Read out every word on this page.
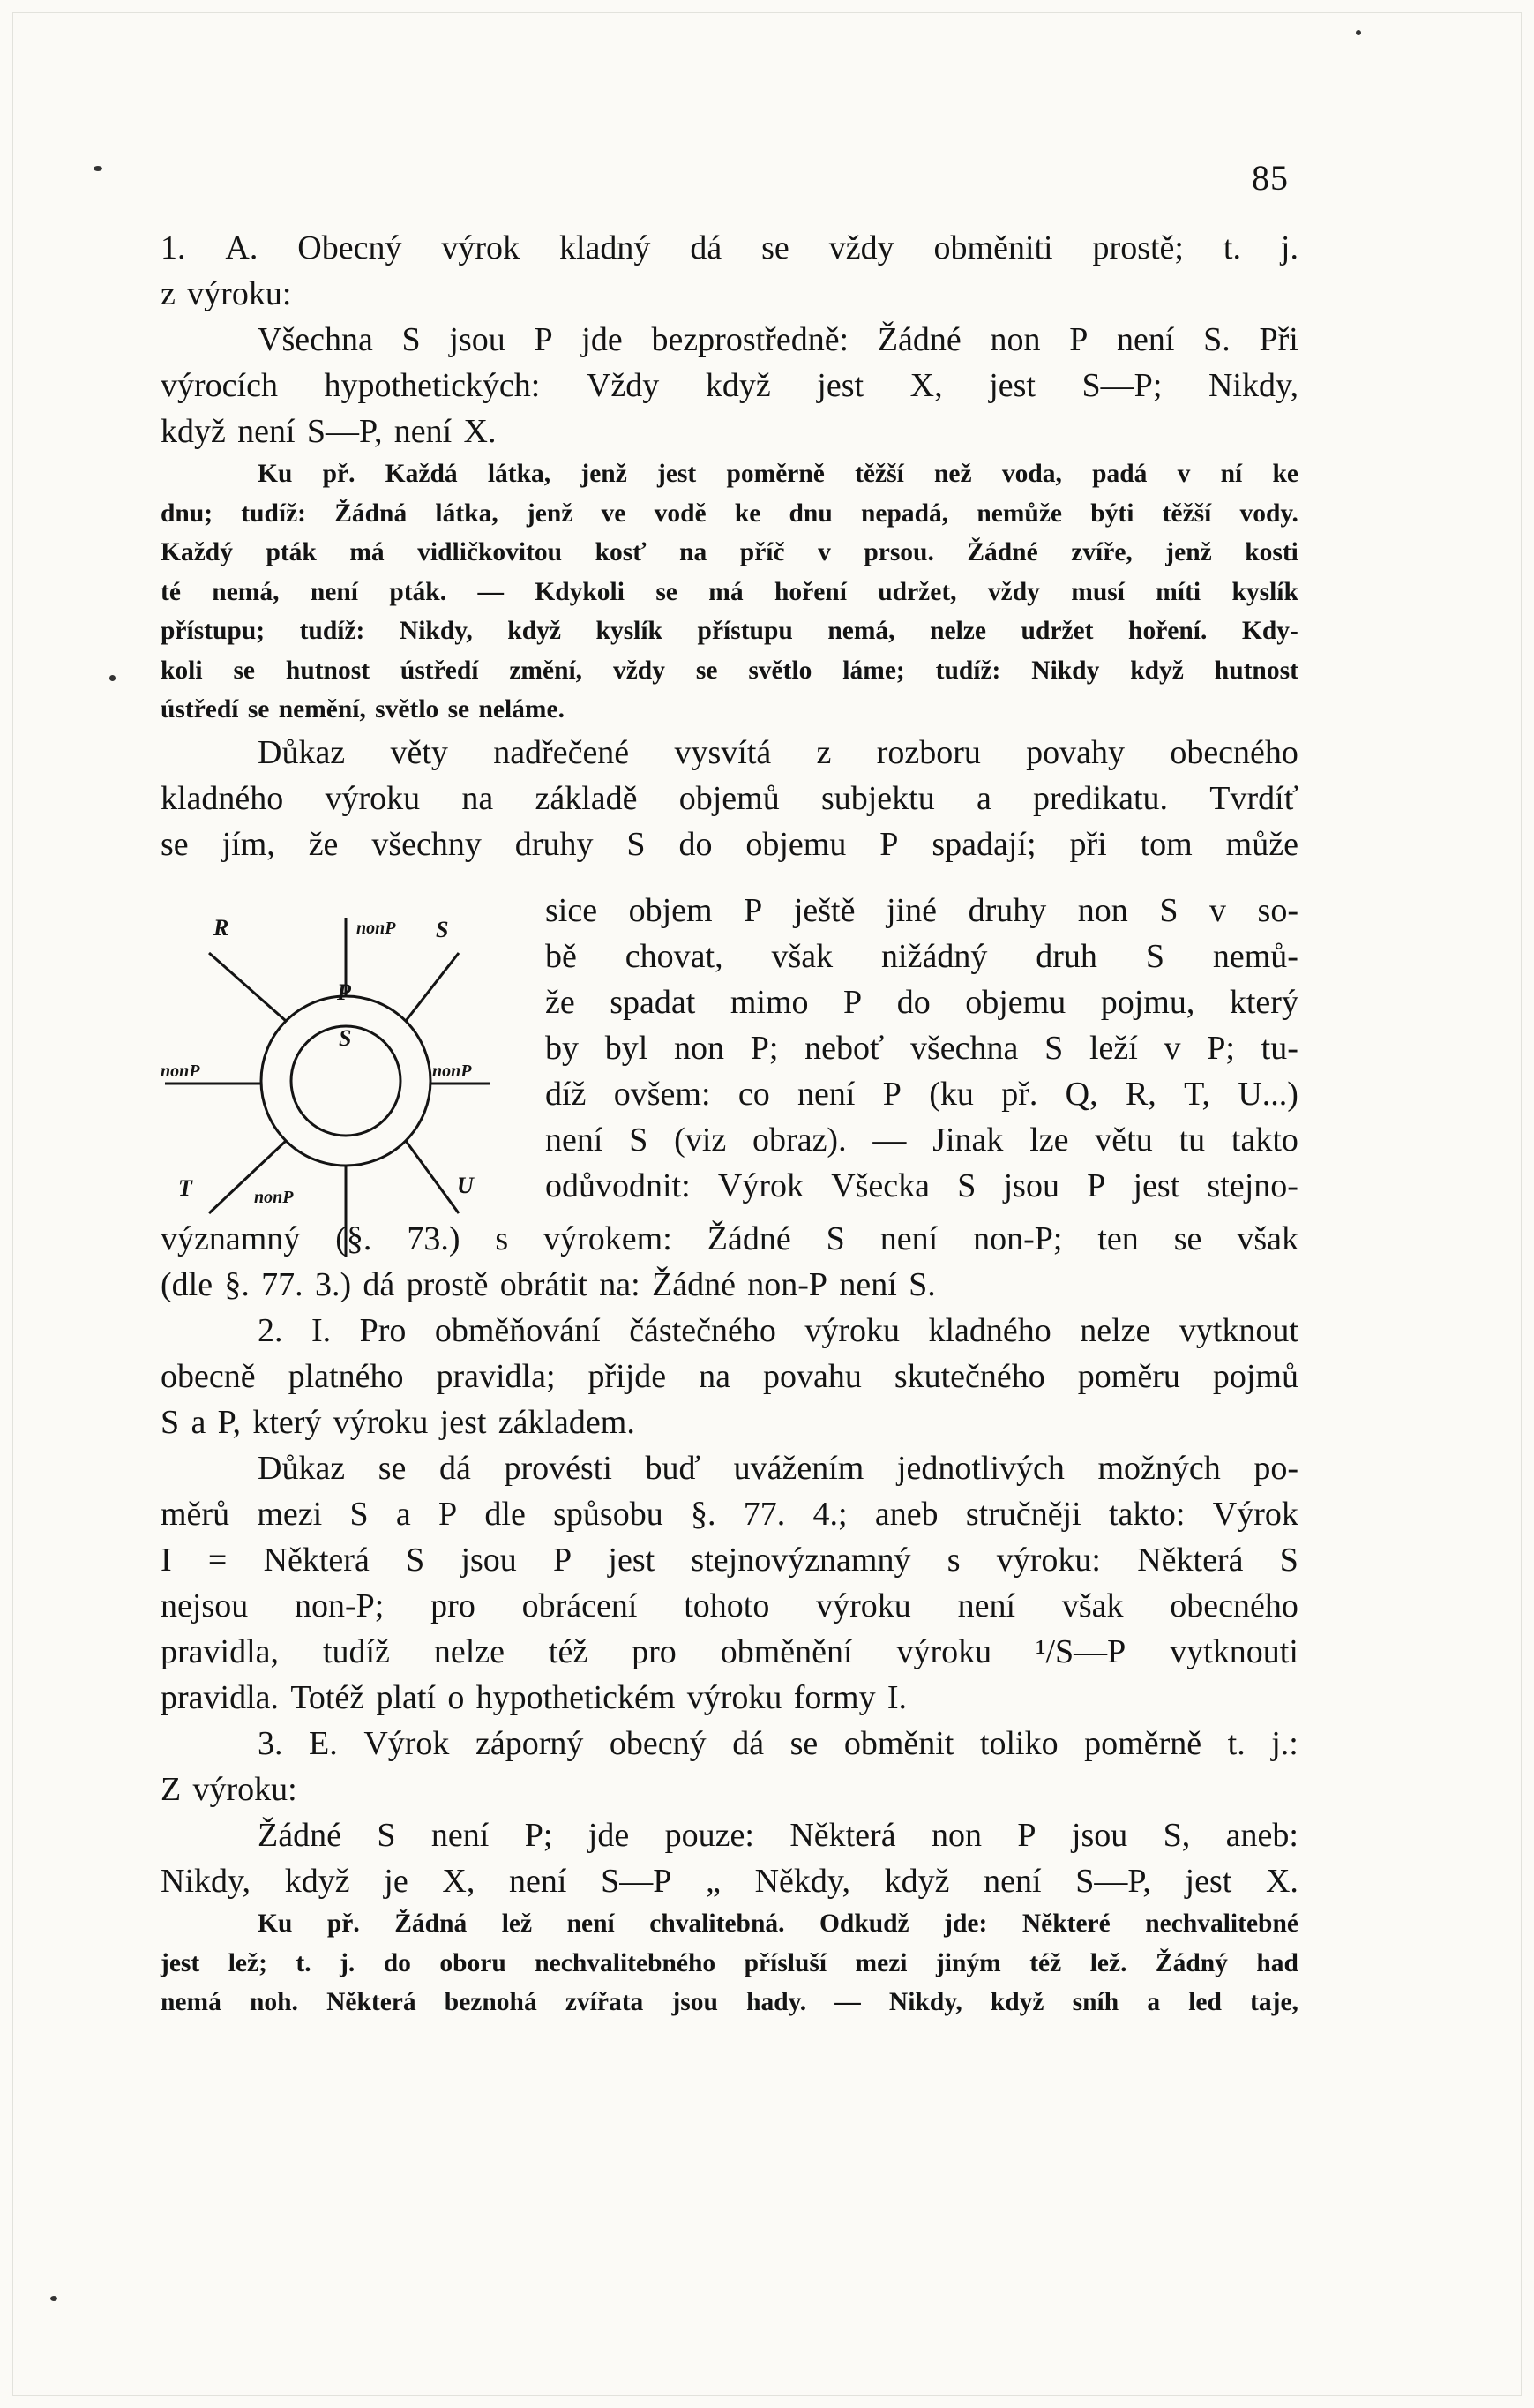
85
1. A. Obecný výrok kladný dá se vždy obměniti prostě; t. j.
z výroku:
Všechna S jsou P jde bezprostředně: Žádné non P není S. Při
výrocích hypothetických: Vždy když jest X, jest S—P; Nikdy,
když není S—P, není X.
Ku př. Každá látka, jenž jest poměrně těžší než voda, padá v ní ke
dnu; tudíž: Žádná látka, jenž ve vodě ke dnu nepadá, nemůže býti těžší vody.
Každý pták má vidličkovitou kosť na příč v prsou. Žádné zvíře, jenž kosti
té nemá, není pták. — Kdykoli se má hoření udržet, vždy musí míti kyslík
přístupu; tudíž: Nikdy, když kyslík přístupu nemá, nelze udržet hoření. Kdy-
koli se hutnost ústředí změní, vždy se světlo láme; tudíž: Nikdy když hutnost
ústředí se nemění, světlo se neláme.
Důkaz věty nadřečené vysvítá z rozboru povahy obecného
kladného výroku na základě objemů subjektu a predikatu. Tvrdíť
se jím, že všechny druhy S do objemu P spadají; při tom může
R	nonP S
P
S
nonP
nonP
T	U
nonP
sice objem P ještě jiné druhy non S v so-
bě chovat, však nižádný druh S nemů-
že spadat mimo P do objemu pojmu, který
by byl non P; neboť všechna S leží v P; tu-
díž ovšem: co není P (ku př. Q, R, T, U...)
není S (viz obraz). — Jinak lze větu tu takto
odůvodnit: Výrok Všecka S jsou P jest stejno-
významný (§. 73.) s výrokem: Žádné S není non-P; ten se však
(dle §. 77. 3.) dá prostě obrátit na: Žádné non-P není S.
2. I. Pro obměňování částečného výroku kladného nelze vytknout
obecně platného pravidla; přijde na povahu skutečného poměru pojmů
S a P, který výroku jest základem.
Důkaz se dá provésti buď uvážením jednotlivých možných po-
měrů mezi S a P dle spůsobu §. 77. 4.; aneb stručněji takto: Výrok
I = Některá S jsou P jest stejnovýznamný s výroku: Některá S
nejsou non-P; pro obrácení tohoto výroku není však obecného
pravidla, tudíž nelze též pro obměnění výroku ¹/S—P vytknouti
pravidla. Totéž platí o hypothetickém výroku formy I.
3. E. Výrok záporný obecný dá se obměnit toliko poměrně t. j.:
Z výroku:
Žádné S není P; jde pouze: Některá non P jsou S, aneb:
Nikdy, když je X, není S—P „ Někdy, když není S—P, jest X.
Ku př. Žádná lež není chvalitebná. Odkudž jde: Některé nechvalitebné
jest lež; t. j. do oboru nechvalitebného přísluší mezi jiným též lež. Žádný had
nemá noh. Některá beznohá zvířata jsou hady. — Nikdy, když sníh a led taje,
